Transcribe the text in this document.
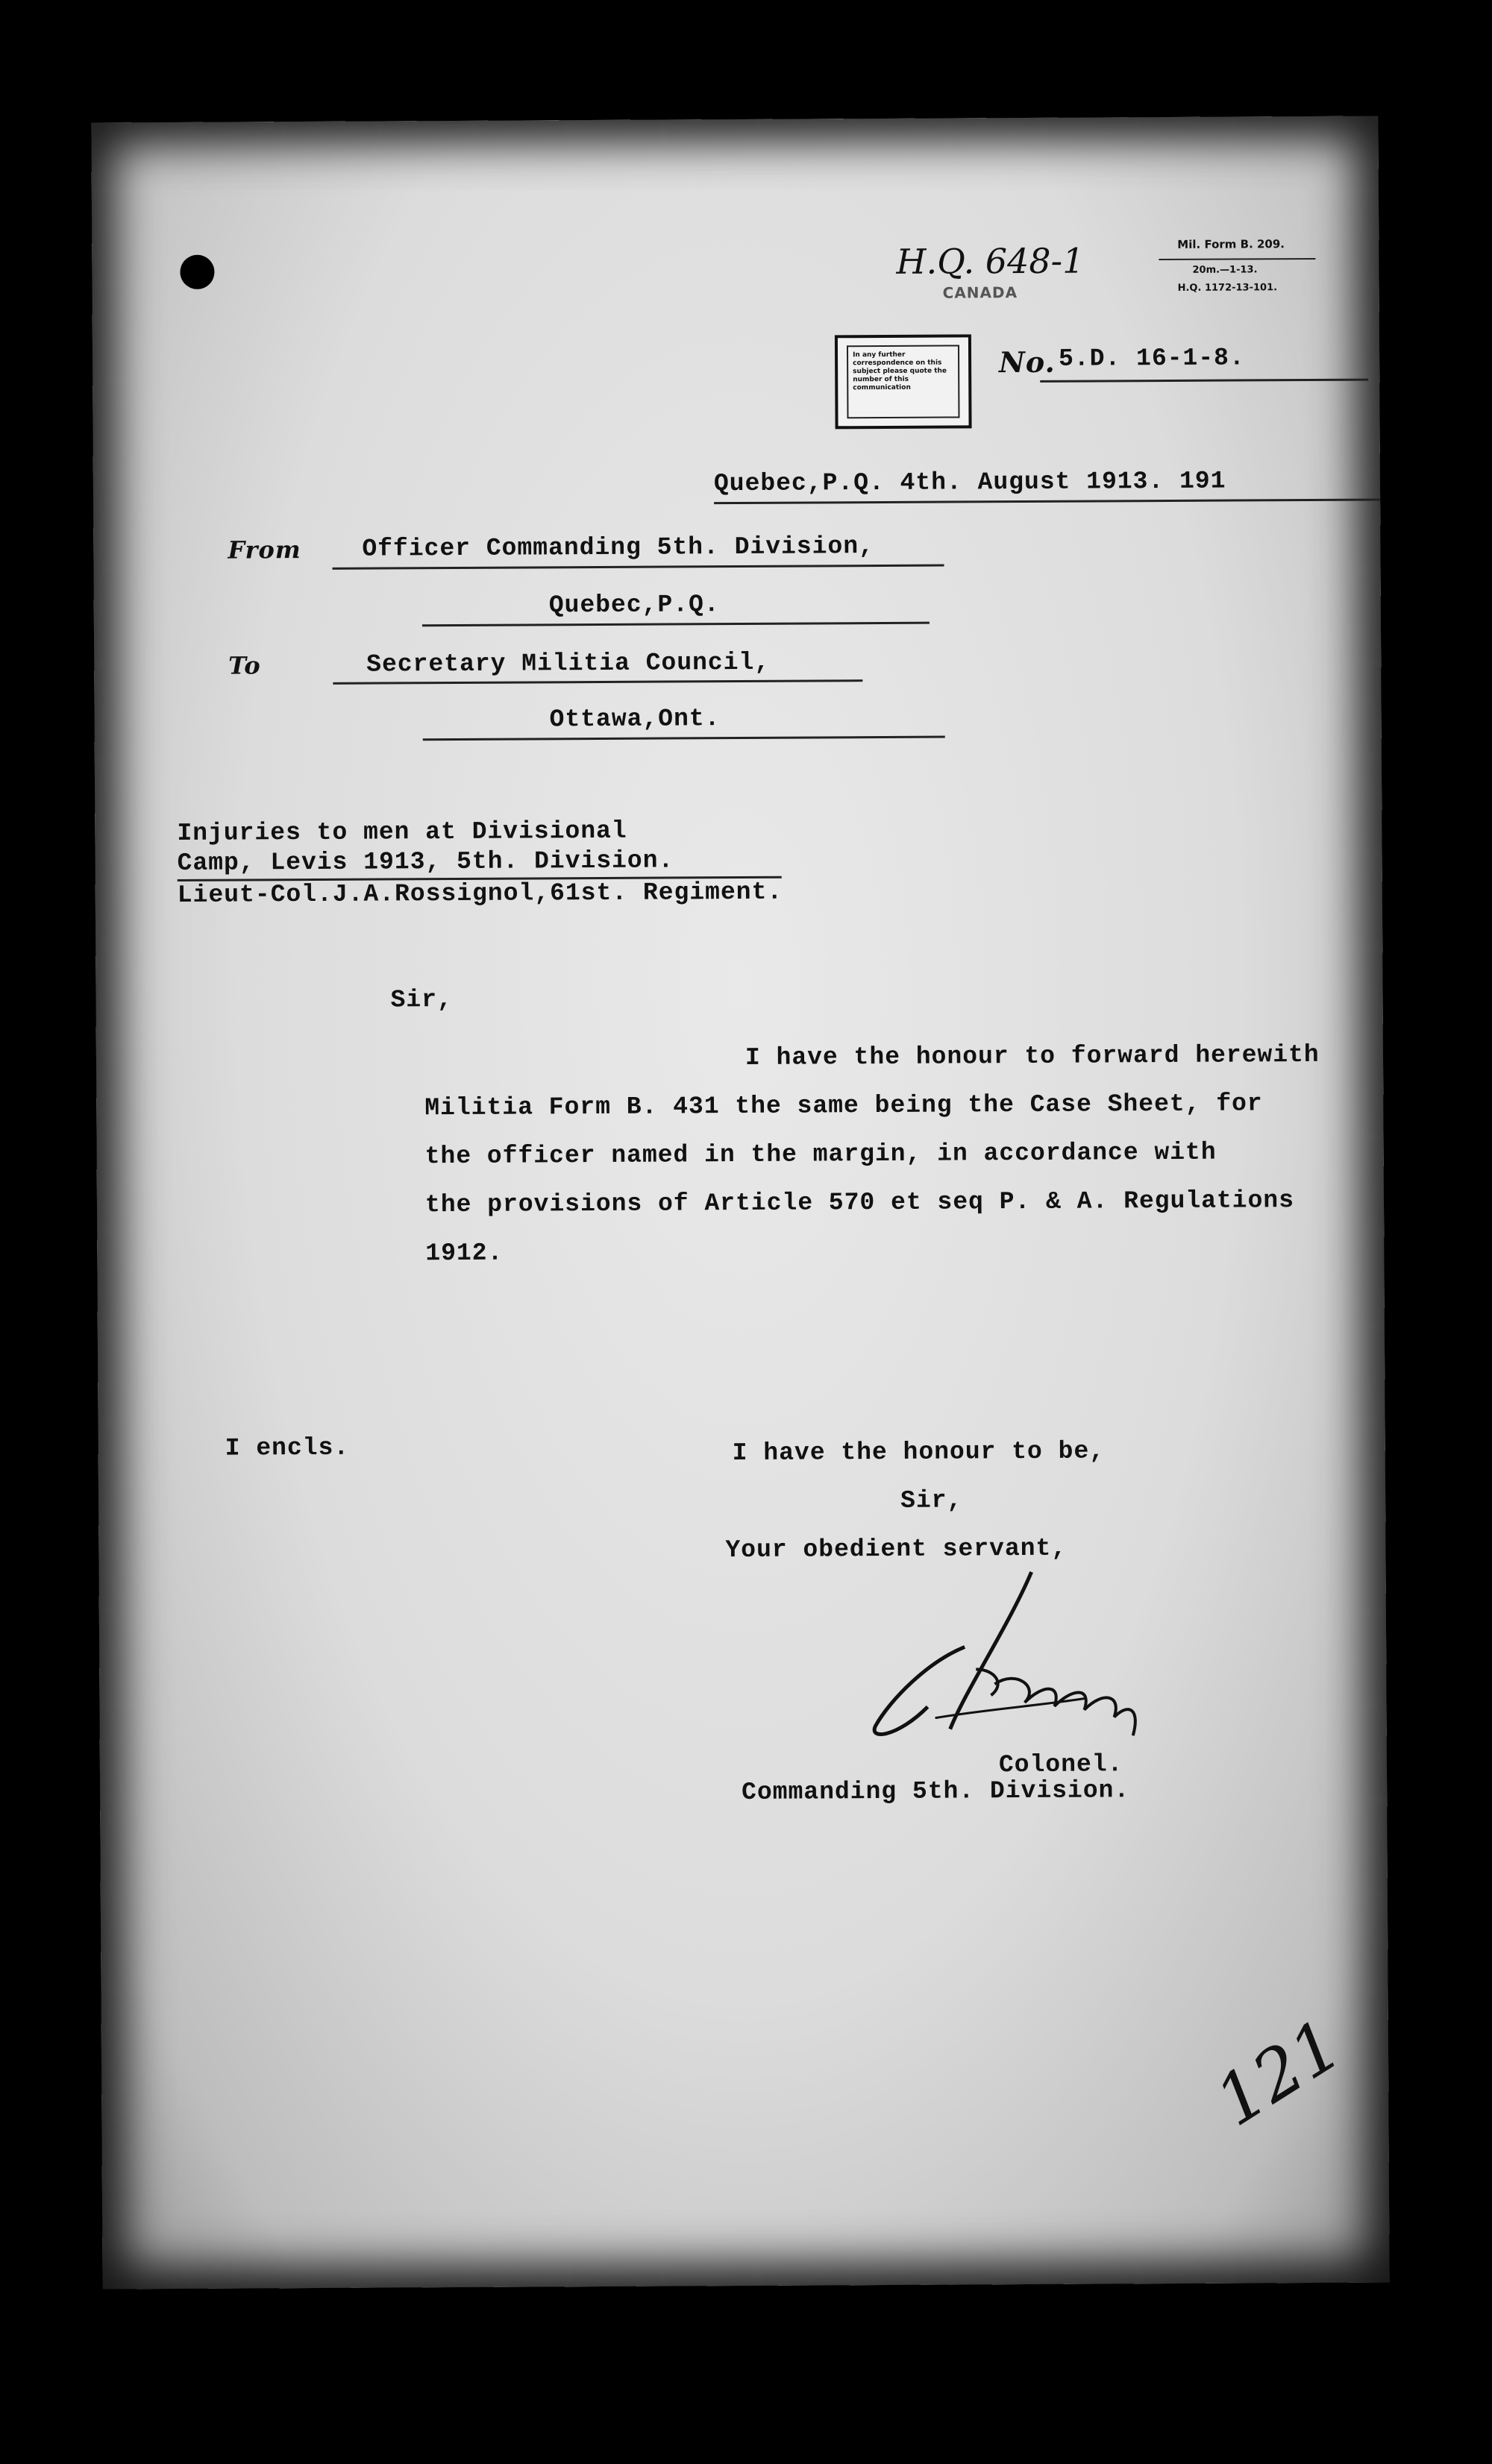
Mil. Form B. 209.
20m.—1-13.
H.Q. 1172-13-101.
H.Q. 648-1
CANADA
In any further correspondence on this subject please quote the number of this communication
No. 5.D. 16-1-8.
Quebec,P.Q. 4th. August 1913. 191
From Officer Commanding 5th. Division,
Quebec,P.Q.
To	Secretary Militia Council,
Ottawa,Ont.
Injuries to men at Divisional
Camp, Levis 1913, 5th. Division.
Lieut-Col.J.A.Rossignol,61st. Regiment.
Sir,
I have the honour to forward herewith
Militia Form B. 431 the same being the Case Sheet, for
the officer named in the margin, in accordance with
the provisions of Article 570 et seq P. & A. Regulations
1912.
I encls.	I have the honour to be,
Sir,
Your obedient servant,
Colonel.
Commanding 5th. Division.
121
